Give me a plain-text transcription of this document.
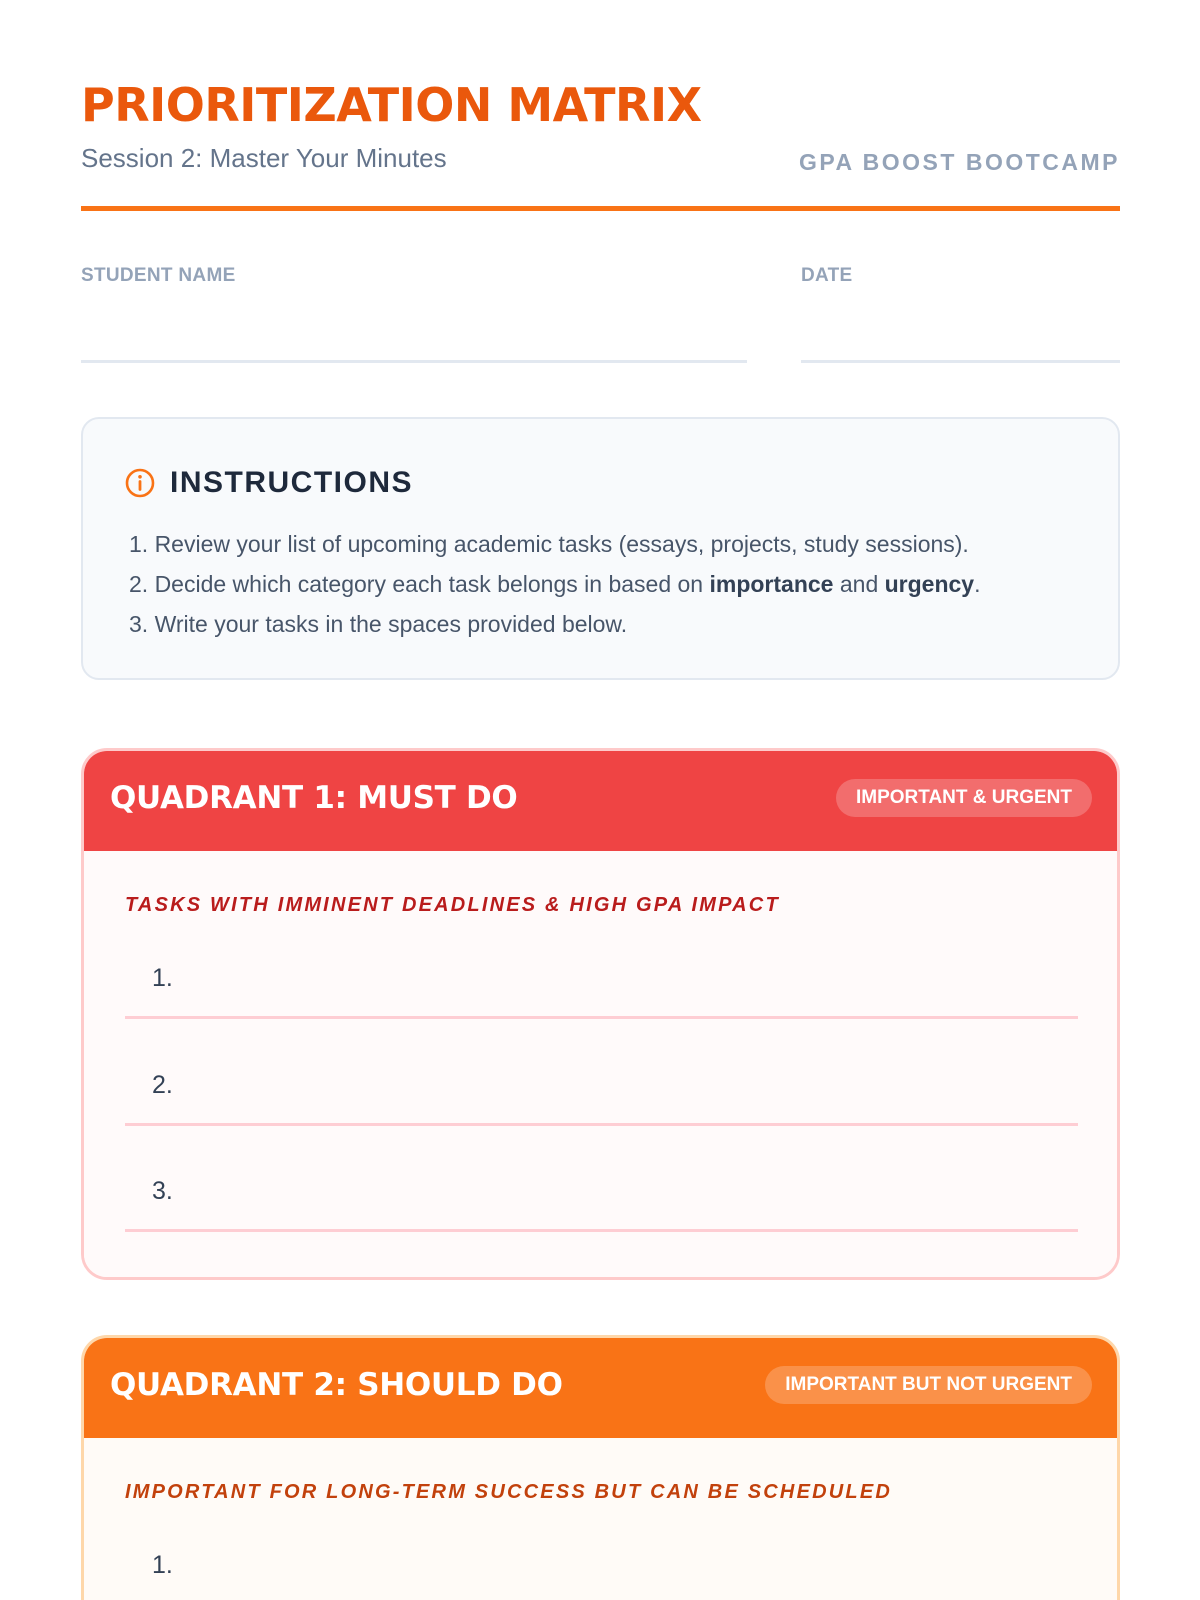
PRIORITIZATION MATRIX
Session 2: Master Your Minutes	GPA BOOST BOOTCAMP
STUDENT NAME	DATE
INSTRUCTIONS
1. Review your list of upcoming academic tasks (essays, projects, study sessions).
2. Decide which category each task belongs in based on importance and urgency.
3. Write your tasks in the spaces provided below.
QUADRANT 1: MUST DO	IMPORTANT & URGENT
TASKS WITH IMMINENT DEADLINES & HIGH GPA IMPACT
1.
2.
3.
QUADRANT 2: SHOULD DO	IMPORTANT BUT NOT URGENT
IMPORTANT FOR LONG-TERM SUCCESS BUT CAN BE SCHEDULED
1.
